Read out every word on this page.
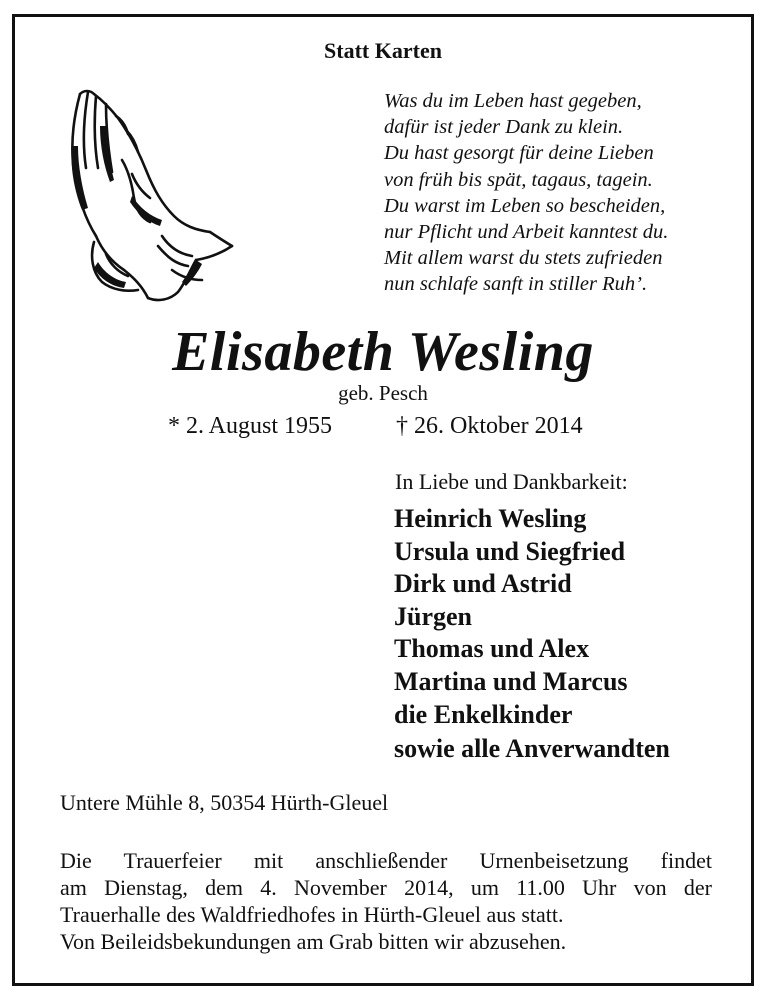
Statt Karten
Was du im Leben hast gegeben,
dafür ist jeder Dank zu klein.
Du hast gesorgt für deine Lieben
von früh bis spät, tagaus, tagein.
Du warst im Leben so bescheiden,
nur Pflicht und Arbeit kanntest du.
Mit allem warst du stets zufrieden
nun schlafe sanft in stiller Ruh’.
Elisabeth Wesling
geb. Pesch
* 2. August 1955	† 26. Oktober 2014
In Liebe und Dankbarkeit:
Heinrich Wesling
Ursula und Siegfried
Dirk und Astrid
Jürgen
Thomas und Alex
Martina und Marcus
die Enkelkinder
sowie alle Anverwandten
Untere Mühle 8, 50354 Hürth-Gleuel
Die Trauerfeier mit anschließender Urnenbeisetzung findet
am Dienstag, dem 4. November 2014, um 11.00 Uhr von der
Trauerhalle des Waldfriedhofes in Hürth-Gleuel aus statt.
Von Beileidsbekundungen am Grab bitten wir abzusehen.
